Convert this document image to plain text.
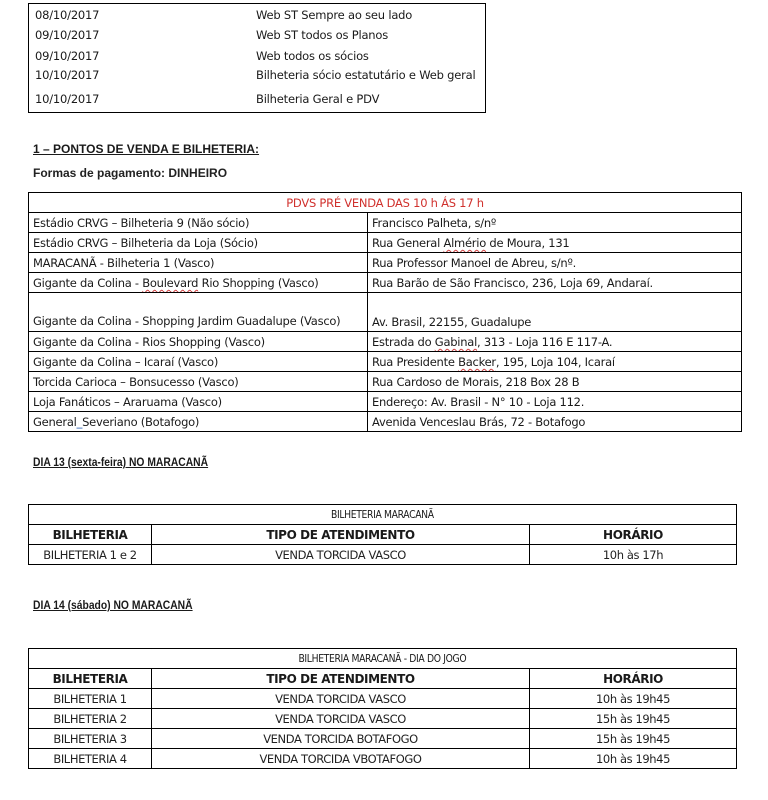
08/10/2017	Web ST Sempre ao seu lado
09/10/2017	Web ST todos os Planos
09/10/2017	Web todos os sócios
10/10/2017	Bilheteria sócio estatutário e Web geral
10/10/2017	Bilheteria Geral e PDV
1 – PONTOS DE VENDA E BILHETERIA:
Formas de pagamento: DINHEIRO
PDVS PRÉ VENDA DAS 10 h ÁS 17 h	
Estádio CRVG – Bilheteria 9 (Não sócio)	Francisco Palheta, s/nº
Estádio CRVG – Bilheteria da Loja (Sócio)	Rua General Almério de Moura, 131
MARACANÃ - Bilheteria 1 (Vasco)	Rua Professor Manoel de Abreu, s/nº.
Gigante da Colina - Boulevard Rio Shopping (Vasco)	Rua Barão de São Francisco, 236, Loja 69, Andaraí.
Gigante da Colina - Shopping Jardim Guadalupe (Vasco)	Av. Brasil, 22155, Guadalupe
Gigante da Colina - Rios Shopping (Vasco)	Estrada do Gabinal, 313 - Loja 116 E 117-A.
Gigante da Colina – Icaraí (Vasco)	Rua Presidente Backer, 195, Loja 104, Icaraí
Torcida Carioca – Bonsucesso (Vasco)	Rua Cardoso de Morais, 218 Box 28 B
Loja Fanáticos – Araruama (Vasco)	Endereço: Av. Brasil - N° 10 - Loja 112.
General_Severiano (Botafogo)	Avenida Venceslau Brás, 72 - Botafogo
DIA 13 (sexta-feira) NO MARACANÃ
BILHETERIA MARACANÃ		
BILHETERIA	TIPO DE ATENDIMENTO	HORÁRIO
BILHETERIA 1 e 2	VENDA TORCIDA VASCO	10h às 17h
DIA 14 (sábado) NO MARACANÃ
BILHETERIA MARACANÃ - DIA DO JOGO		
BILHETERIA	TIPO DE ATENDIMENTO	HORÁRIO
BILHETERIA 1	VENDA TORCIDA VASCO	10h às 19h45
BILHETERIA 2	VENDA TORCIDA VASCO	15h às 19h45
BILHETERIA 3	VENDA TORCIDA BOTAFOGO	15h às 19h45
BILHETERIA 4	VENDA TORCIDA VBOTAFOGO	10h às 19h45
